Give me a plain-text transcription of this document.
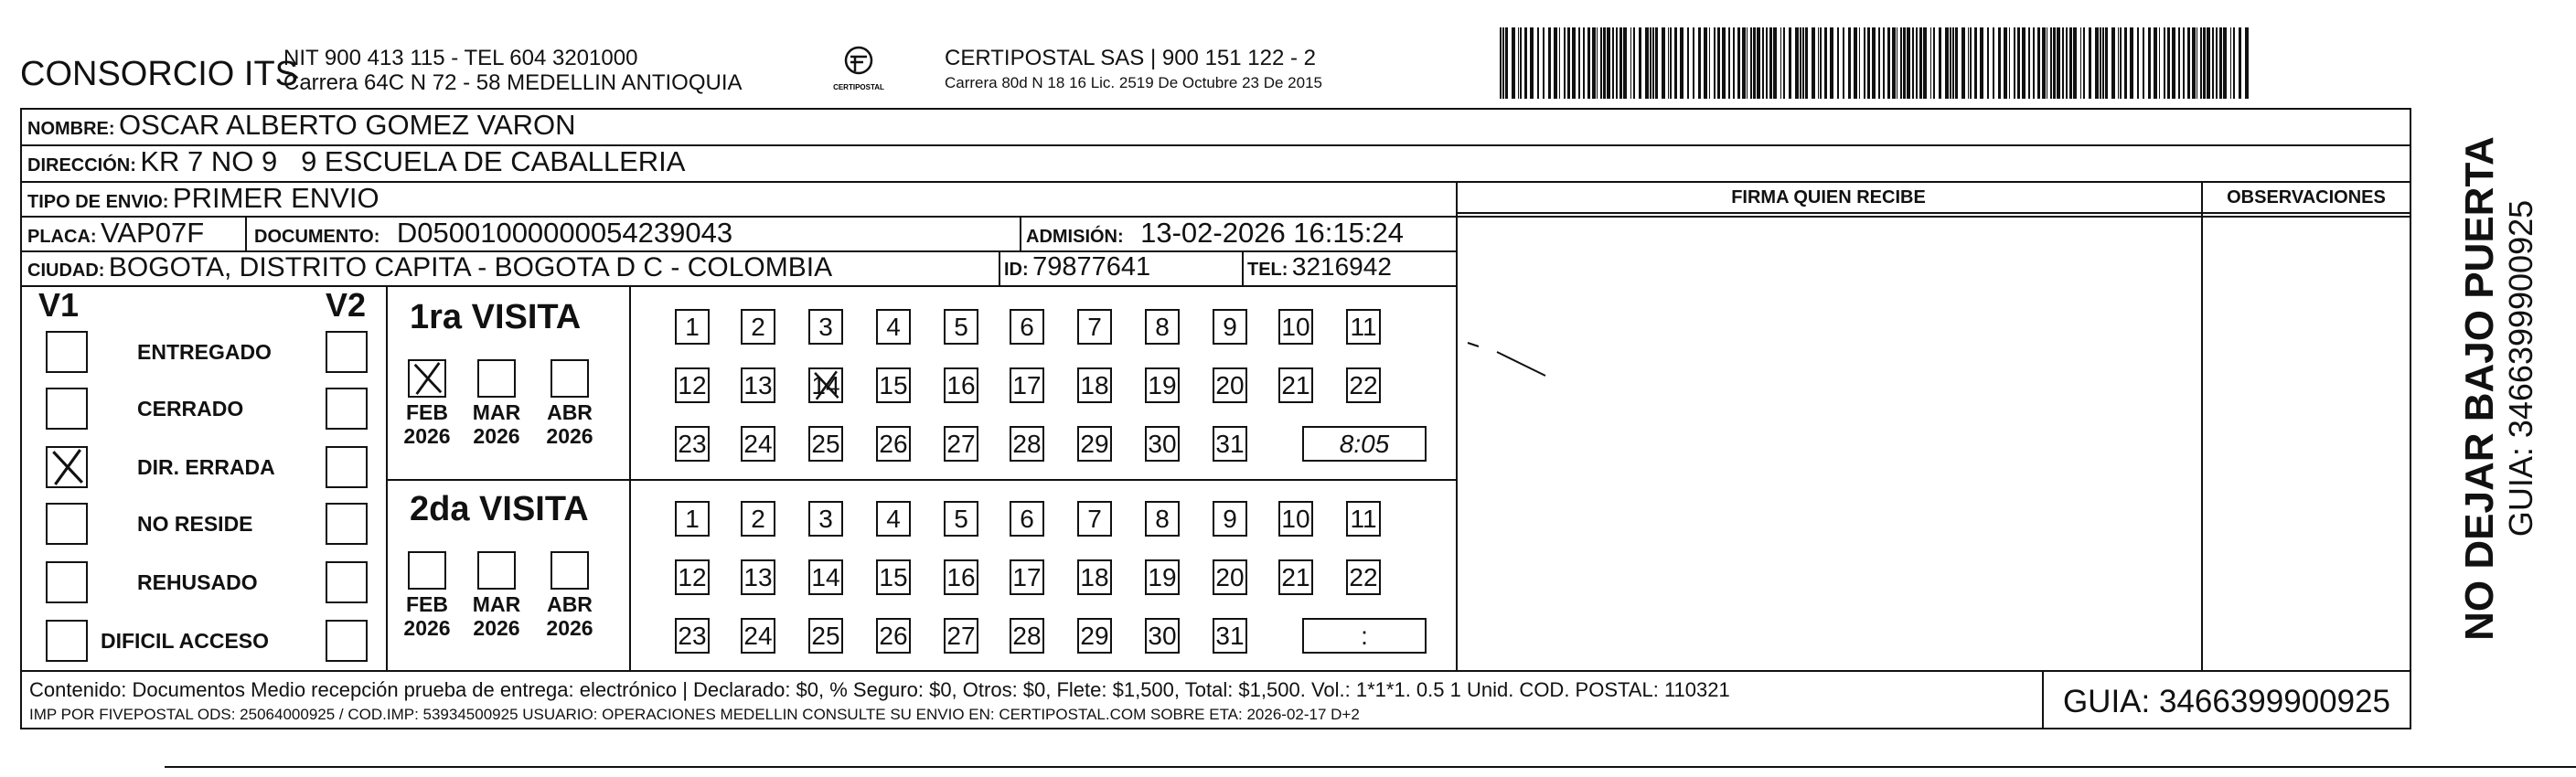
CONSORCIO ITS
NIT 900 413 115 - TEL 604 3201000
Carrera 64C N 72 - 58 MEDELLIN ANTIOQUIA	CERTIPOSTAL
CERTIPOSTAL SAS | 900 151 122 - 2
Carrera 80d N 18 16 Lic. 2519 De Octubre 23 De 2015
NOMBRE: OSCAR ALBERTO GOMEZ VARON
DIRECCIÓN: KR 7 NO 9   9 ESCUELA DE CABALLERIA
TIPO DE ENVIO: PRIMER ENVIO	FIRMA QUIEN RECIBE	OBSERVACIONES
PLACA: VAP07F	DOCUMENTO: D05001000000054239043	ADMISIÓN: 13-02-2026 16:15:24
CIUDAD: BOGOTA, DISTRITO CAPITA - BOGOTA D C - COLOMBIA	ID: 79877641	TEL: 3216942
V1	V2
ENTREGADO
CERRADO
DIR. ERRADA
NO RESIDE
REHUSADO
DIFICIL ACCESO
1ra VISITA
FEB
2026
MAR
2026
ABR
2026
1	2	3	4	5	6	7	8	9	10 11
12 13 14 15 16 17 18 19 20 21 22
23 24 25 26 27 28 29 30 31	8:05
2da VISITA
FEB
2026
MAR
2026
ABR
2026
1	2	3	4	5	6	7	8	9	10 11
12 13 14 15 16 17 18 19 20 21 22
23 24 25 26 27 28 29 30 31	:
Contenido: Documentos Medio recepción prueba de entrega: electrónico | Declarado: $0, % Seguro: $0, Otros: $0, Flete: $1,500, Total: $1,500. Vol.: 1*1*1. 0.5 1 Unid. COD. POSTAL: 110321
IMP POR FIVEPOSTAL ODS: 25064000925 / COD.IMP: 53934500925 USUARIO: OPERACIONES MEDELLIN CONSULTE SU ENVIO EN: CERTIPOSTAL.COM SOBRE ETA: 2026-02-17 D+2	GUIA: 3466399900925
NO DEJAR BAJO PUERTA GUIA: 3466399900925
